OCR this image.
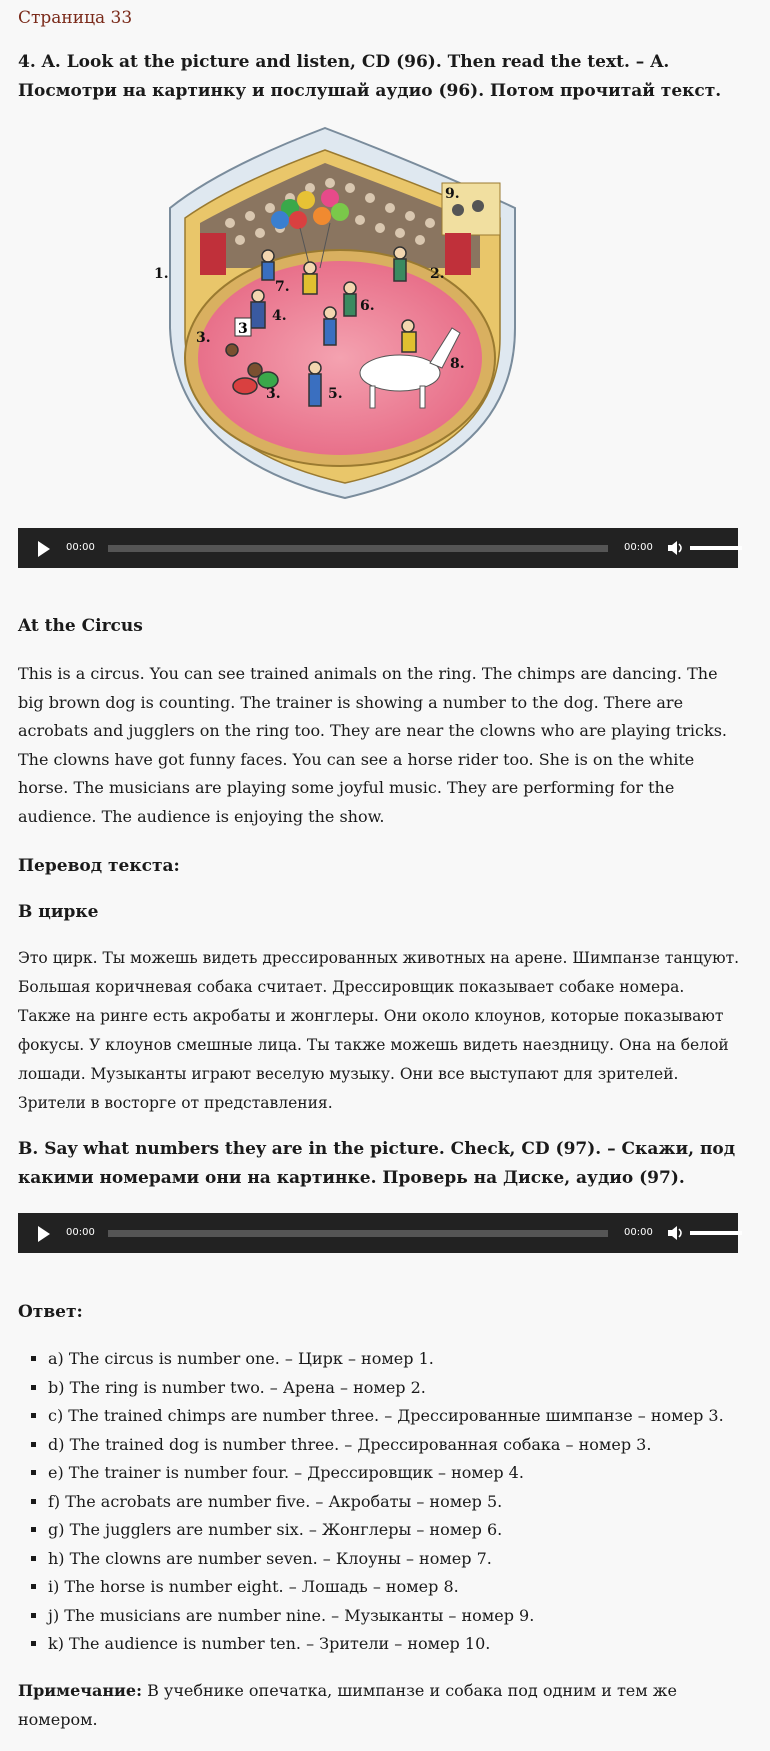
Страница 33
4. A. Look at the picture and listen, CD (96). Then read the text. – A. Посмотри на картинку и послушай аудио (96). Потом прочитай текст.
3
1.	2.
3.
3.
4.
5.
6.
7.
8.
9.
00:00	00:00
At the Circus
This is a circus. You can see trained animals on the ring. The chimps are dancing. The big brown dog is counting. The trainer is showing a number to the dog. There are acrobats and jugglers on the ring too. They are near the clowns who are playing tricks. The clowns have got funny faces. You can see a horse rider too. She is on the white horse. The musicians are playing some joyful music. They are performing for the audience. The audience is enjoying the show.
Перевод текста:
В цирке
Это цирк. Ты можешь видеть дрессированных животных на арене. Шимпанзе танцуют. Большая коричневая собака считает. Дрессировщик показывает собаке номера. Также на ринге есть акробаты и жонглеры. Они около клоунов, которые показывают фокусы. У клоунов смешные лица. Ты также можешь видеть наездницу. Она на белой лошади. Музыканты играют веселую музыку. Они все выступают для зрителей. Зрители в восторге от представления.
B. Say what numbers they are in the picture. Check, CD (97). – Скажи, под какими номерами они на картинке. Проверь на Диске, аудио (97).
00:00	00:00
Ответ:
▪ a) The circus is number one. – Цирк – номер 1.
▪ b) The ring is number two. – Арена – номер 2.
▪ c) The trained chimps are number three. – Дрессированные шимпанзе – номер 3.
▪ d) The trained dog is number three. – Дрессированная собака – номер 3.
▪ e) The trainer is number four. – Дрессировщик – номер 4.
▪ f) The acrobats are number five. – Акробаты – номер 5.
▪ g) The jugglers are number six. – Жонглеры – номер 6.
▪ h) The clowns are number seven. – Клоуны – номер 7.
▪ i) The horse is number eight. – Лошадь – номер 8.
▪ j) The musicians are number nine. – Музыканты – номер 9.
▪ k) The audience is number ten. – Зрители – номер 10.
Примечание: В учебнике опечатка, шимпанзе и собака под одним и тем же номером.
